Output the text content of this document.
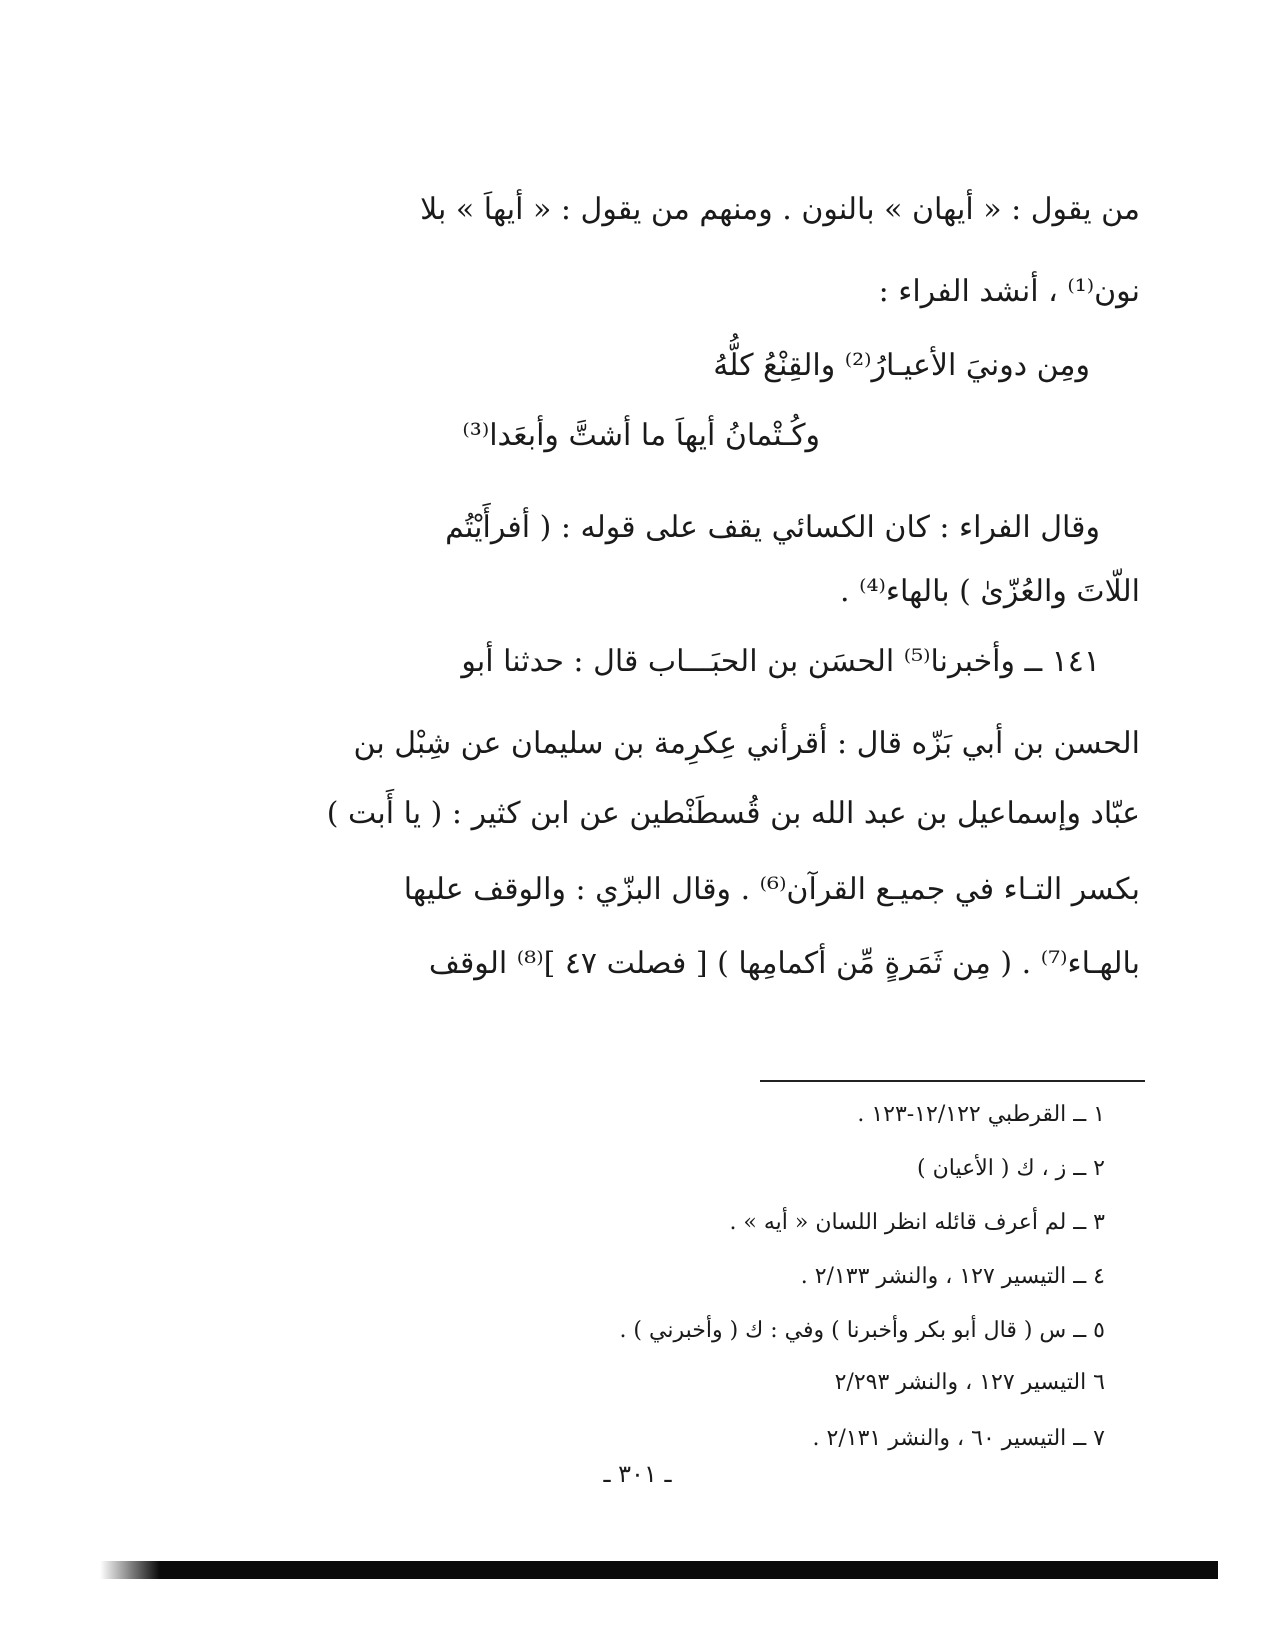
من يقول : « أيهان » بالنون . ومنهم من يقول : « أيهاَ » بلا
نون⁽¹⁾ ، أنشد الفراء :
ومِن دونيَ الأعيـارُ⁽²⁾ والقِنْعُ كلُّهُ
وكُـتْمانُ أيهاَ ما أشتَّ وأبعَدا⁽³⁾
وقال الفراء : كان الكسائي يقف على قوله : ( أفرأَيْتُم
اللّاتَ والعُزّىٰ ) بالهاء⁽⁴⁾ .
١٤١ ــ وأخبرنا⁽⁵⁾ الحسَن بن الحبَـــاب قال : حدثنا أبو
الحسن بن أبي بَزّه قال : أقرأني عِكرِمة بن سليمان عن شِبْل بن
عبّاد وإسماعيل بن عبد الله بن قُسطَنْطين عن ابن كثير : ( يا أَبت )
بكسر التـاء في جميـع القرآن⁽⁶⁾ . وقال البزّي : والوقف عليها
بالهـاء⁽⁷⁾ . ( مِن ثَمَرةٍ مِّن أكمامِها ) [ فصلت ٤٧ ]⁽⁸⁾ الوقف
١ ــ القرطبي ١٢/١٢٢-١٢٣ .
٢ ــ ز ، ك ( الأعيان )
٣ ــ لم أعرف قائله انظر اللسان « أيه » .
٤ ــ التيسير ١٢٧ ، والنشر ٢/١٣٣ .
٥ ــ س ( قال أبو بكر وأخبرنا ) وفي : ك ( وأخبرني ) .
٦ التيسير ١٢٧ ، والنشر ٢/٢٩٣
٧ ــ التيسير ٦٠ ، والنشر ٢/١٣١ .
ـ ٣٠١ ـ
